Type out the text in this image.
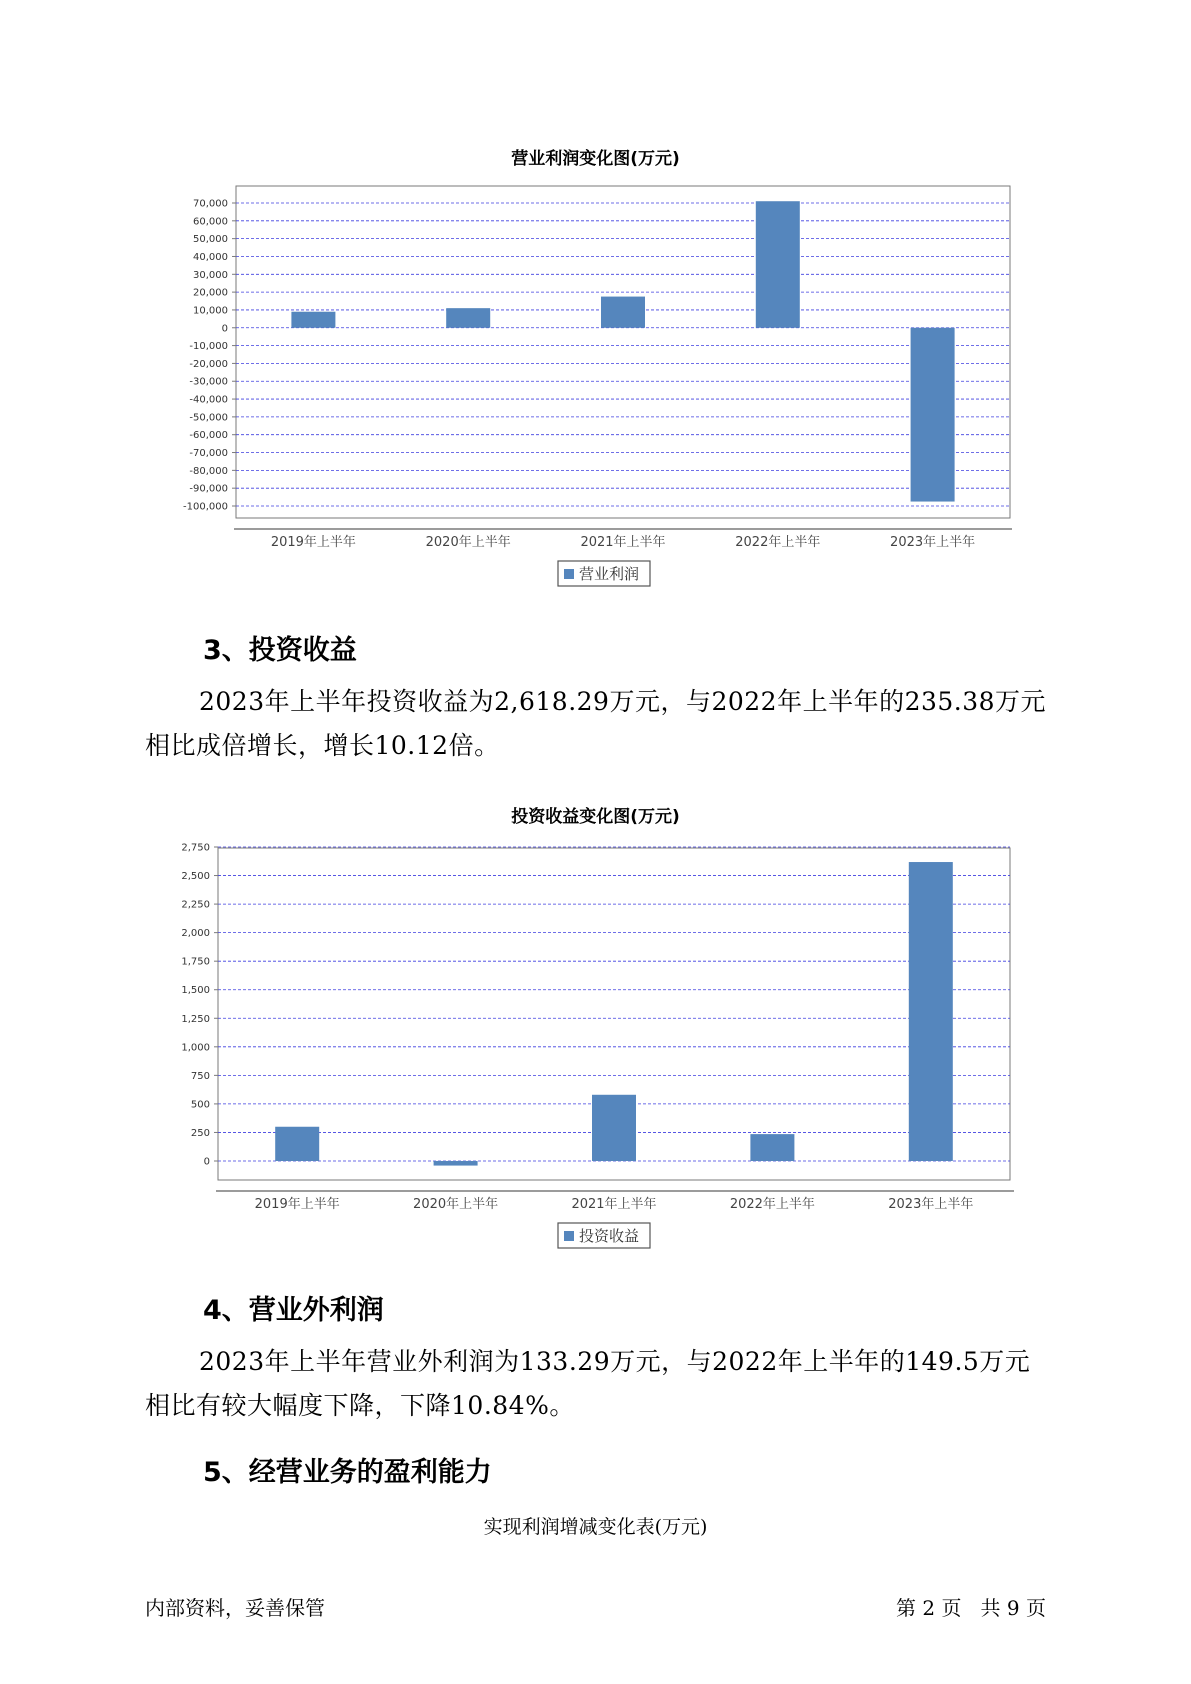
营业利润变化图(万元)
70,000
60,000
50,000
40,000
30,000
20,000
10,000
0
-10,000
-20,000
-30,000
-40,000
-50,000
-60,000
-70,000
-80,000
-90,000
-100,000
2019年上半年	2020年上半年	2021年上半年	2022年上半年	2023年上半年
营业利润
3、投资收益

2023年上半年投资收益为2,618.29万元，与2022年上半年的235.38万元相比成倍增长，增长10.12倍。

投资收益变化图(万元)
2,750
2,500
2,250
2,000
1,750
1,500
1,250
1,000
750
500
250
0
2019年上半年	2020年上半年	2021年上半年	2022年上半年	2023年上半年
投资收益
4、营业外利润

2023年上半年营业外利润为133.29万元，与2022年上半年的149.5万元相比有较大幅度下降，下降10.84%。

5、经营业务的盈利能力
实现利润增减变化表(万元)
内部资料，妥善保管	第 2 页   共 9 页
